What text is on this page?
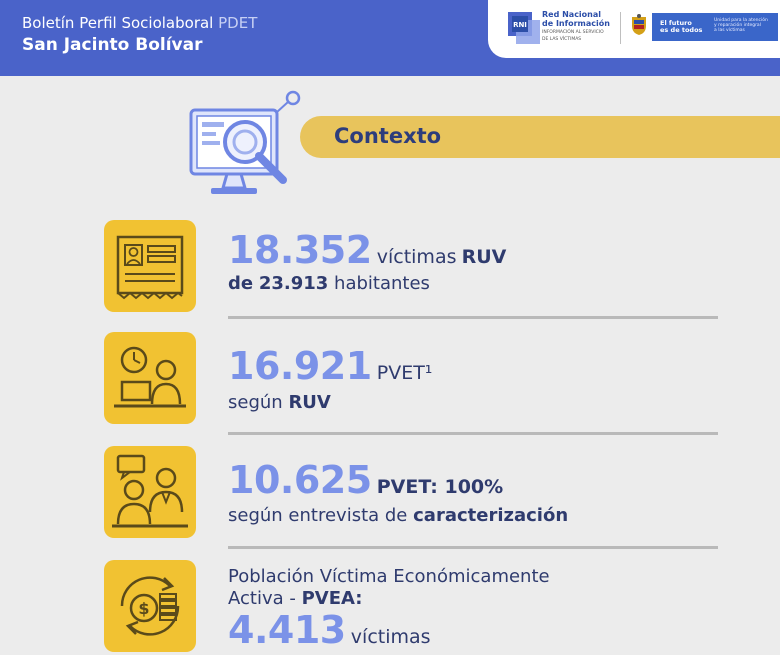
Boletín Perfil Sociolaboral PDET
San Jacinto Bolívar
RNI
Red Nacional
de Información
INFORMACIÓN AL SERVICIO
DE LAS VÍCTIMAS
El futuro
es de todos
Unidad para la atención
y reparación integral
a las víctimas
Contexto
18.352 víctimas RUV
de 23.913 habitantes
16.921 PVET¹
según RUV
10.625 PVET: 100%
según entrevista de caracterización
$
Población Víctima Económicamente
Activa - PVEA:
4.413 víctimas
